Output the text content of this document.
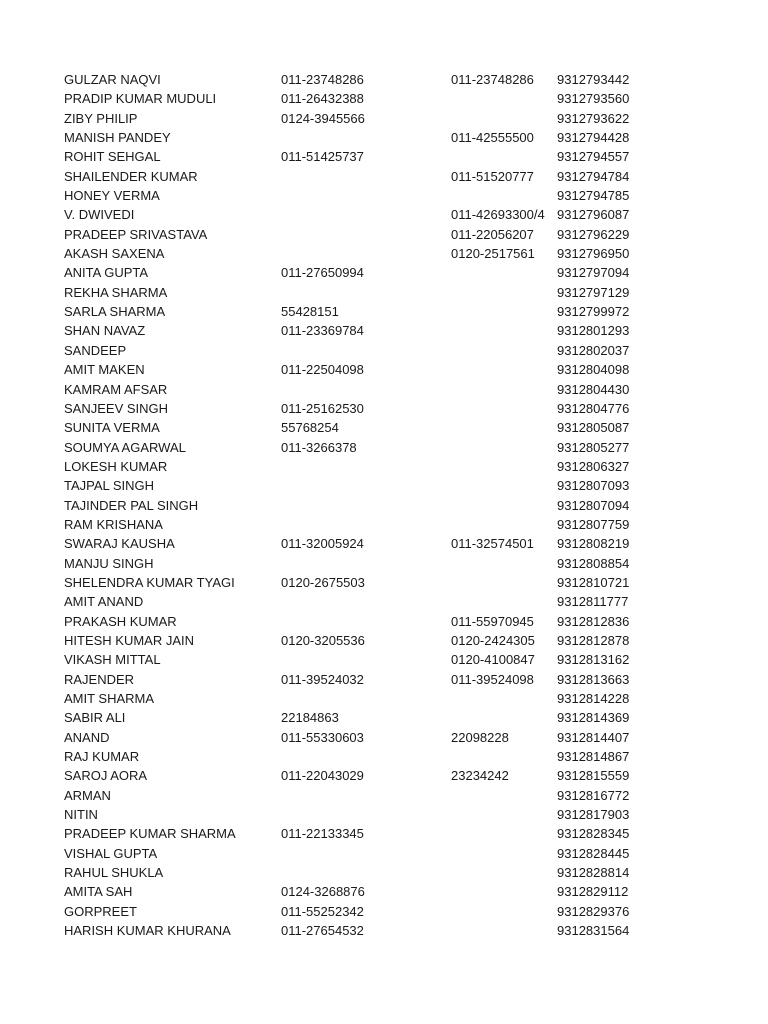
GULZAR NAQVI	011-23748286	011-23748286	9312793442
PRADIP KUMAR MUDULI	011-26432388		9312793560
ZIBY PHILIP	0124-3945566		9312793622
MANISH PANDEY		011-42555500	9312794428
ROHIT SEHGAL	011-51425737		9312794557
SHAILENDER KUMAR		011-51520777	9312794784
HONEY VERMA			9312794785
V. DWIVEDI		011-42693300/4	9312796087
PRADEEP SRIVASTAVA		011-22056207	9312796229
AKASH SAXENA		0120-2517561	9312796950
ANITA GUPTA	011-27650994		9312797094
REKHA SHARMA			9312797129
SARLA SHARMA	55428151		9312799972
SHAN NAVAZ	011-23369784		9312801293
SANDEEP			9312802037
AMIT MAKEN	011-22504098		9312804098
KAMRAM AFSAR			9312804430
SANJEEV SINGH	011-25162530		9312804776
SUNITA VERMA	55768254		9312805087
SOUMYA AGARWAL	011-3266378		9312805277
LOKESH KUMAR			9312806327
TAJPAL SINGH			9312807093
TAJINDER PAL SINGH			9312807094
RAM KRISHANA			9312807759
SWARAJ KAUSHA	011-32005924	011-32574501	9312808219
MANJU SINGH			9312808854
SHELENDRA KUMAR TYAGI	0120-2675503		9312810721
AMIT ANAND			9312811777
PRAKASH KUMAR		011-55970945	9312812836
HITESH KUMAR JAIN	0120-3205536	0120-2424305	9312812878
VIKASH MITTAL		0120-4100847	9312813162
RAJENDER	011-39524032	011-39524098	9312813663
AMIT SHARMA			9312814228
SABIR ALI	22184863		9312814369
ANAND	011-55330603	22098228	9312814407
RAJ KUMAR			9312814867
SAROJ AORA	011-22043029	23234242	9312815559
ARMAN			9312816772
NITIN			9312817903
PRADEEP KUMAR SHARMA	011-22133345		9312828345
VISHAL GUPTA			9312828445
RAHUL SHUKLA			9312828814
AMITA SAH	0124-3268876		9312829112
GORPREET	011-55252342		9312829376
HARISH KUMAR KHURANA	011-27654532		9312831564
